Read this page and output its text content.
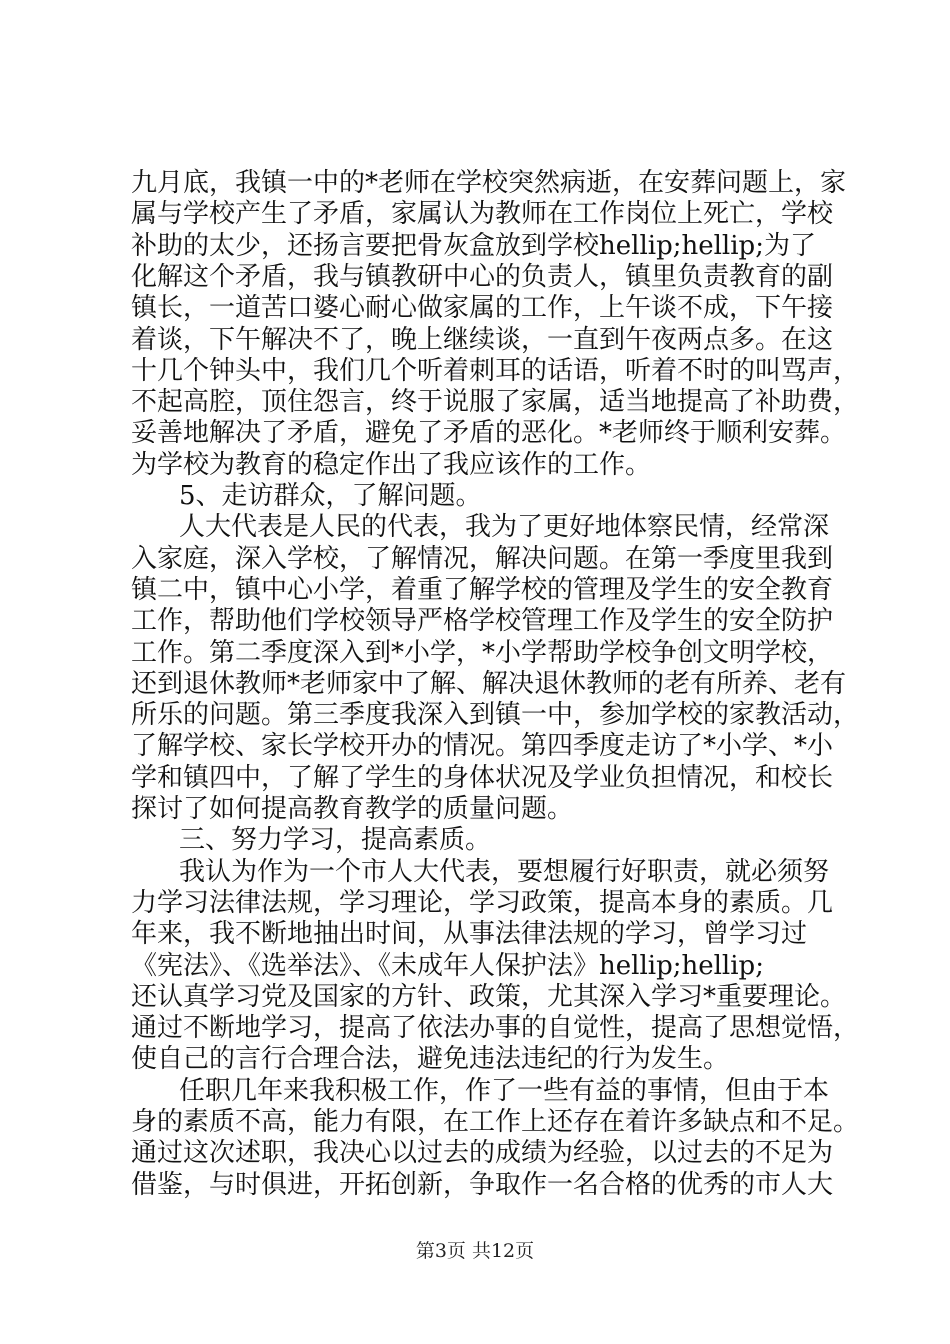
九月底，我镇一中的*老师在学校突然病逝，在安葬问题上，家
属与学校产生了矛盾，家属认为教师在工作岗位上死亡，学校
补助的太少，还扬言要把骨灰盒放到学校hellip;hellip;为了
化解这个矛盾，我与镇教研中心的负责人，镇里负责教育的副
镇长，一道苦口婆心耐心做家属的工作，上午谈不成，下午接
着谈，下午解决不了，晚上继续谈，一直到午夜两点多。在这
十几个钟头中，我们几个听着刺耳的话语，听着不时的叫骂声，
不起高腔，顶住怨言，终于说服了家属，适当地提高了补助费，
妥善地解决了矛盾，避免了矛盾的恶化。*老师终于顺利安葬。
为学校为教育的稳定作出了我应该作的工作。
5、走访群众，了解问题。
人大代表是人民的代表，我为了更好地体察民情，经常深
入家庭，深入学校，了解情况，解决问题。在第一季度里我到
镇二中，镇中心小学，着重了解学校的管理及学生的安全教育
工作，帮助他们学校领导严格学校管理工作及学生的安全防护
工作。第二季度深入到*小学，*小学帮助学校争创文明学校，
还到退休教师*老师家中了解、解决退休教师的老有所养、老有
所乐的问题。第三季度我深入到镇一中，参加学校的家教活动，
了解学校、家长学校开办的情况。第四季度走访了*小学、*小
学和镇四中，了解了学生的身体状况及学业负担情况，和校长
探讨了如何提高教育教学的质量问题。
三、努力学习，提高素质。
我认为作为一个市人大代表，要想履行好职责，就必须努
力学习法律法规，学习理论，学习政策，提高本身的素质。几
年来，我不断地抽出时间，从事法律法规的学习，曾学习过
《宪法》、《选举法》、《未成年人保护法》hellip;hellip;
还认真学习党及国家的方针、政策，尤其深入学习*重要理论。
通过不断地学习，提高了依法办事的自觉性，提高了思想觉悟，
使自己的言行合理合法，避免违法违纪的行为发生。
任职几年来我积极工作，作了一些有益的事情，但由于本
身的素质不高，能力有限，在工作上还存在着许多缺点和不足。
通过这次述职，我决心以过去的成绩为经验，以过去的不足为
借鉴，与时俱进，开拓创新，争取作一名合格的优秀的市人大
第3页 共12页
